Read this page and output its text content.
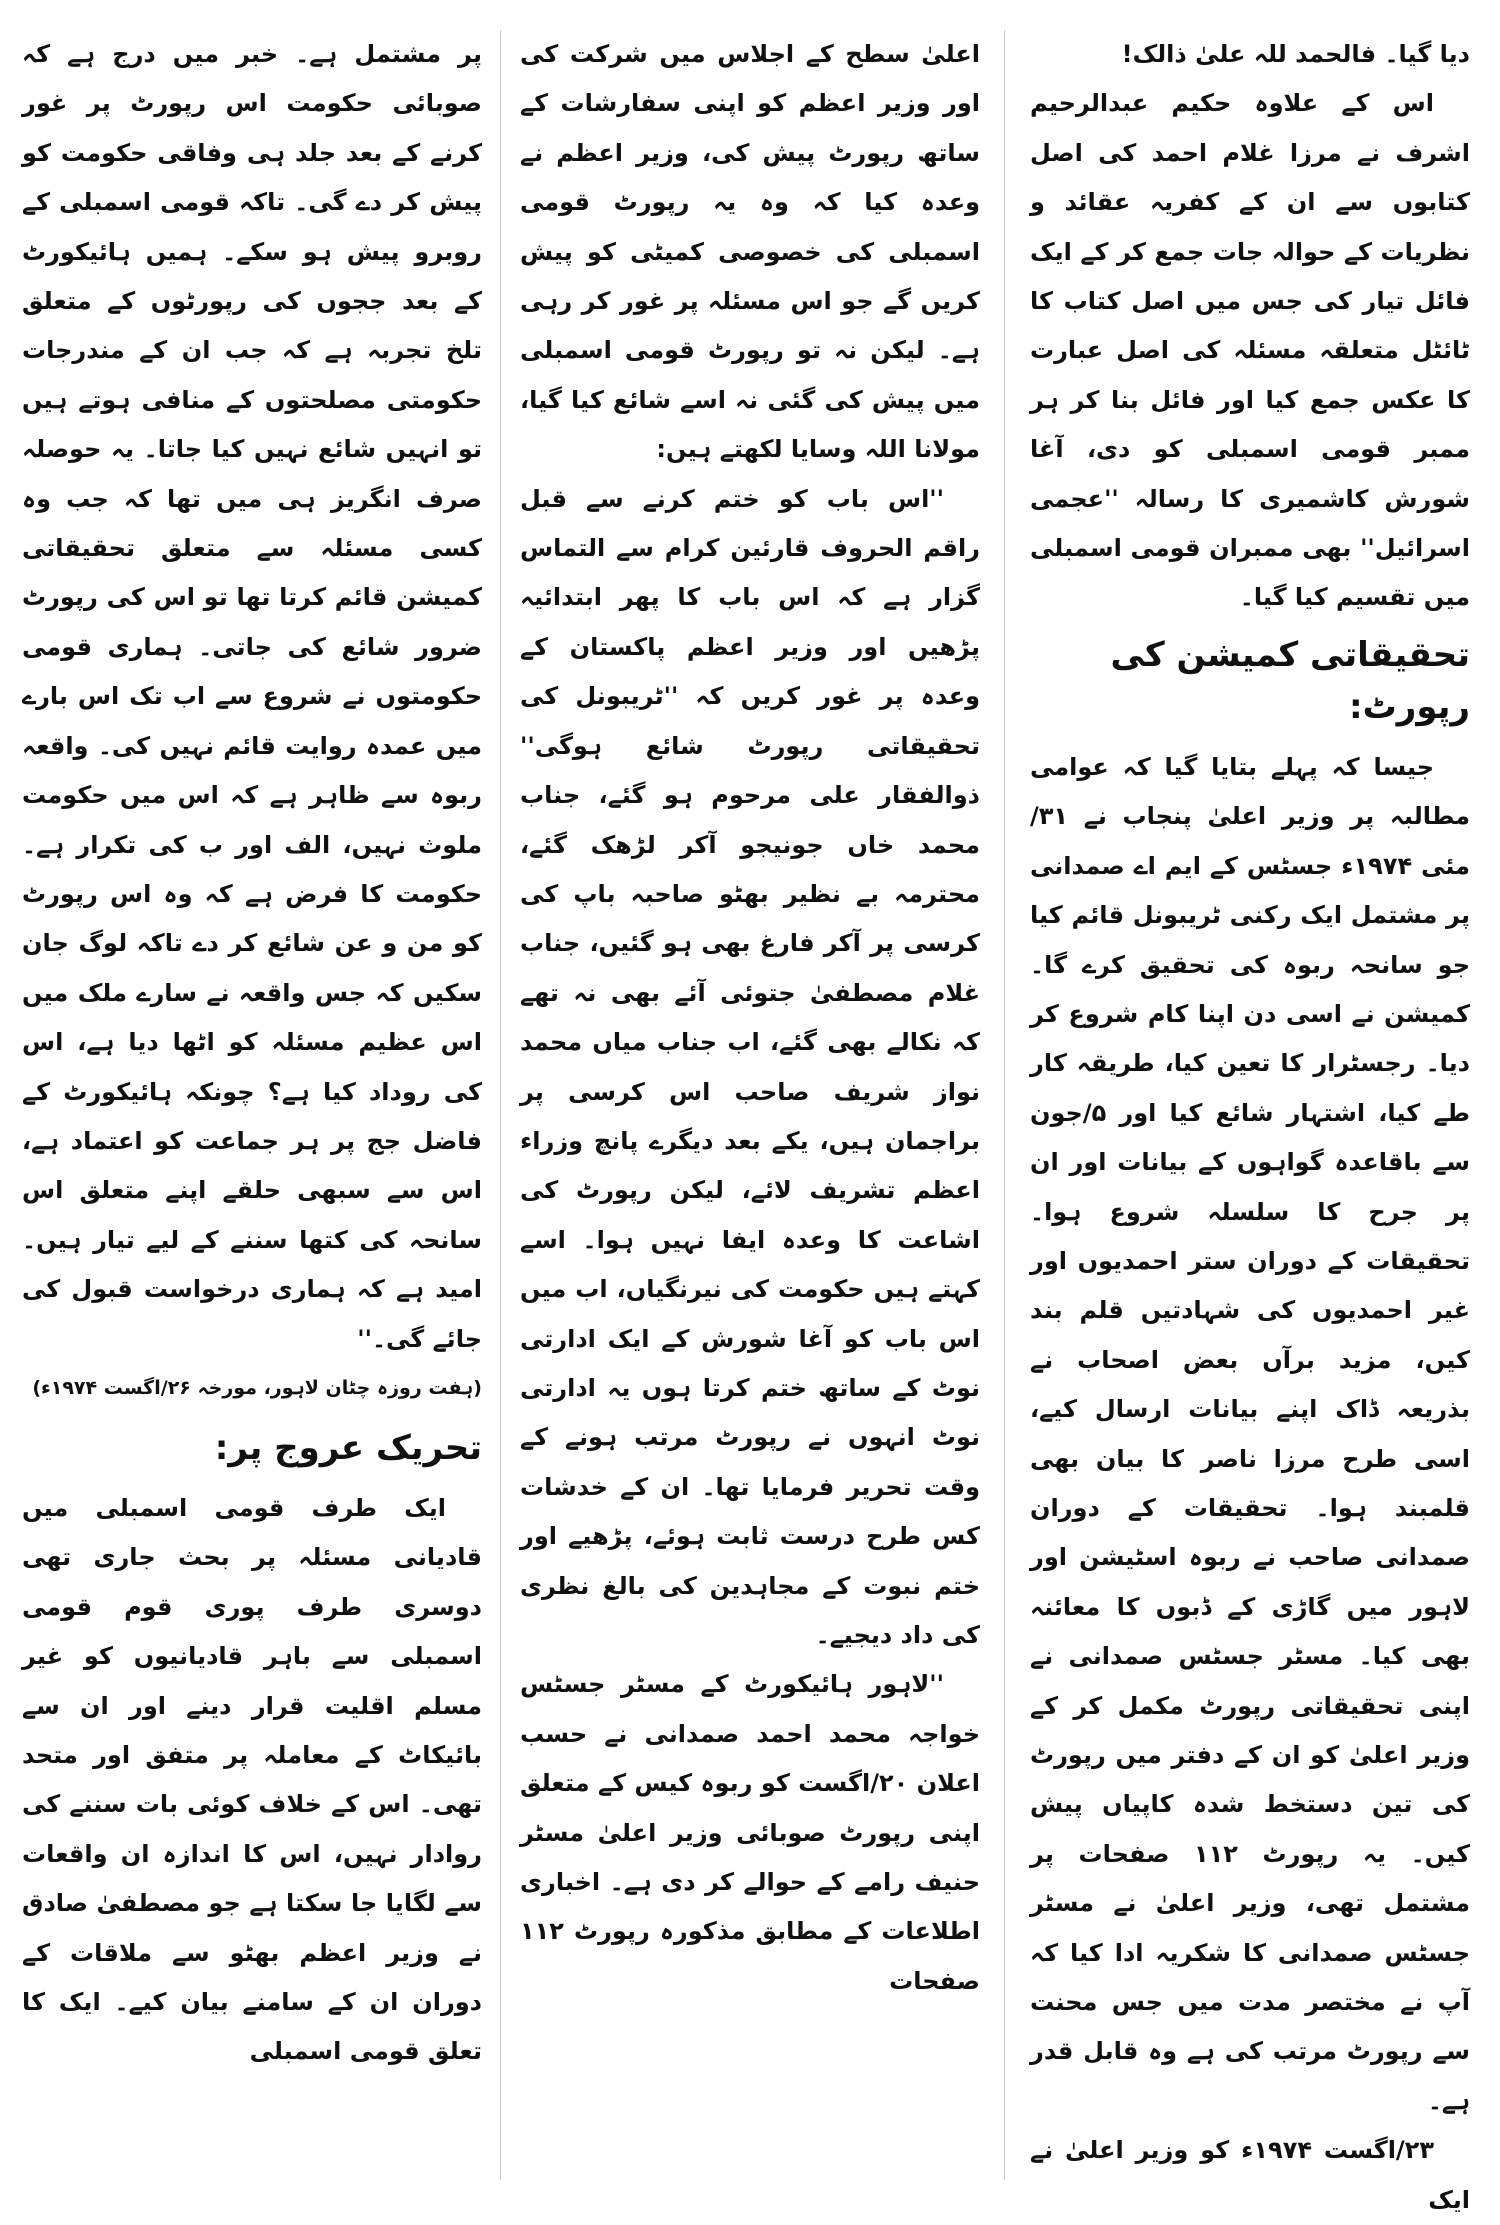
دیا گیا۔ فالحمد للہ علیٰ ذالک!

اس کے علاوہ حکیم عبدالرحیم اشرف نے مرزا غلام احمد کی اصل کتابوں سے ان کے کفریہ عقائد و نظریات کے حوالہ جات جمع کر کے ایک فائل تیار کی جس میں اصل کتاب کا ٹائٹل متعلقہ مسئلہ کی اصل عبارت کا عکس جمع کیا اور فائل بنا کر ہر ممبر قومی اسمبلی کو دی، آغا شورش کاشمیری کا رسالہ ''عجمی اسرائیل'' بھی ممبران قومی اسمبلی میں تقسیم کیا گیا۔

تحقیقاتی کمیشن کی رپورٹ:

جیسا کہ پہلے بتایا گیا کہ عوامی مطالبہ پر وزیر اعلیٰ پنجاب نے ۳۱/مئی ۱۹۷۴ء جسٹس کے ایم اے صمدانی پر مشتمل ایک رکنی ٹریبونل قائم کیا جو سانحہ ربوہ کی تحقیق کرے گا۔ کمیشن نے اسی دن اپنا کام شروع کر دیا۔ رجسٹرار کا تعین کیا، طریقہ کار طے کیا، اشتہار شائع کیا اور ۵/جون سے باقاعدہ گواہوں کے بیانات اور ان پر جرح کا سلسلہ شروع ہوا۔ تحقیقات کے دوران ستر احمدیوں اور غیر احمدیوں کی شہادتیں قلم بند کیں، مزید برآں بعض اصحاب نے بذریعہ ڈاک اپنے بیانات ارسال کیے، اسی طرح مرزا ناصر کا بیان بھی قلمبند ہوا۔ تحقیقات کے دوران صمدانی صاحب نے ربوہ اسٹیشن اور لاہور میں گاڑی کے ڈبوں کا معائنہ بھی کیا۔ مسٹر جسٹس صمدانی نے اپنی تحقیقاتی رپورٹ مکمل کر کے وزیر اعلیٰ کو ان کے دفتر میں رپورٹ کی تین دستخط شدہ کاپیاں پیش کیں۔ یہ رپورٹ ۱۱۲ صفحات پر مشتمل تھی، وزیر اعلیٰ نے مسٹر جسٹس صمدانی کا شکریہ ادا کیا کہ آپ نے مختصر مدت میں جس محنت سے رپورٹ مرتب کی ہے وہ قابل قدر ہے۔

۲۳/اگست ۱۹۷۴ء کو وزیر اعلیٰ نے ایک

اعلیٰ سطح کے اجلاس میں شرکت کی اور وزیر اعظم کو اپنی سفارشات کے ساتھ رپورٹ پیش کی، وزیر اعظم نے وعدہ کیا کہ وہ یہ رپورٹ قومی اسمبلی کی خصوصی کمیٹی کو پیش کریں گے جو اس مسئلہ پر غور کر رہی ہے۔ لیکن نہ تو رپورٹ قومی اسمبلی میں پیش کی گئی نہ اسے شائع کیا گیا، مولانا اللہ وسایا لکھتے ہیں:

''اس باب کو ختم کرنے سے قبل راقم الحروف قارئین کرام سے التماس گزار ہے کہ اس باب کا پھر ابتدائیہ پڑھیں اور وزیر اعظم پاکستان کے وعدہ پر غور کریں کہ ''ٹریبونل کی تحقیقاتی رپورٹ شائع ہوگی'' ذوالفقار علی مرحوم ہو گئے، جناب محمد خاں جونیجو آکر لڑھک گئے، محترمہ بے نظیر بھٹو صاحبہ باپ کی کرسی پر آکر فارغ بھی ہو گئیں، جناب غلام مصطفیٰ جتوئی آئے بھی نہ تھے کہ نکالے بھی گئے، اب جناب میاں محمد نواز شریف صاحب اس کرسی پر براجمان ہیں، یکے بعد دیگرے پانچ وزراء اعظم تشریف لائے، لیکن رپورٹ کی اشاعت کا وعدہ ایفا نہیں ہوا۔ اسے کہتے ہیں حکومت کی نیرنگیاں، اب میں اس باب کو آغا شورش کے ایک ادارتی نوٹ کے ساتھ ختم کرتا ہوں یہ ادارتی نوٹ انہوں نے رپورٹ مرتب ہونے کے وقت تحریر فرمایا تھا۔ ان کے خدشات کس طرح درست ثابت ہوئے، پڑھیے اور ختم نبوت کے مجاہدین کی بالغ نظری کی داد دیجیے۔

''لاہور ہائیکورٹ کے مسٹر جسٹس خواجہ محمد احمد صمدانی نے حسب اعلان ۲۰/اگست کو ربوہ کیس کے متعلق اپنی رپورٹ صوبائی وزیر اعلیٰ مسٹر حنیف رامے کے حوالے کر دی ہے۔ اخباری اطلاعات کے مطابق مذکورہ رپورٹ ۱۱۲ صفحات

پر مشتمل ہے۔ خبر میں درج ہے کہ صوبائی حکومت اس رپورٹ پر غور کرنے کے بعد جلد ہی وفاقی حکومت کو پیش کر دے گی۔ تاکہ قومی اسمبلی کے روبرو پیش ہو سکے۔ ہمیں ہائیکورٹ کے بعد ججوں کی رپورٹوں کے متعلق تلخ تجربہ ہے کہ جب ان کے مندرجات حکومتی مصلحتوں کے منافی ہوتے ہیں تو انہیں شائع نہیں کیا جاتا۔ یہ حوصلہ صرف انگریز ہی میں تھا کہ جب وہ کسی مسئلہ سے متعلق تحقیقاتی کمیشن قائم کرتا تھا تو اس کی رپورٹ ضرور شائع کی جاتی۔ ہماری قومی حکومتوں نے شروع سے اب تک اس بارے میں عمدہ روایت قائم نہیں کی۔ واقعہ ربوہ سے ظاہر ہے کہ اس میں حکومت ملوث نہیں، الف اور ب کی تکرار ہے۔ حکومت کا فرض ہے کہ وہ اس رپورٹ کو من و عن شائع کر دے تاکہ لوگ جان سکیں کہ جس واقعہ نے سارے ملک میں اس عظیم مسئلہ کو اٹھا دیا ہے، اس کی روداد کیا ہے؟ چونکہ ہائیکورٹ کے فاضل جج پر ہر جماعت کو اعتماد ہے، اس سے سبھی حلقے اپنے متعلق اس سانحہ کی کتھا سننے کے لیے تیار ہیں۔ امید ہے کہ ہماری درخواست قبول کی جائے گی۔''

(ہفت روزہ چٹان لاہور، مورخہ ۲۶/اگست ۱۹۷۴ء)
تحریک عروج پر:

ایک طرف قومی اسمبلی میں قادیانی مسئلہ پر بحث جاری تھی دوسری طرف پوری قوم قومی اسمبلی سے باہر قادیانیوں کو غیر مسلم اقلیت قرار دینے اور ان سے بائیکاٹ کے معاملہ پر متفق اور متحد تھی۔ اس کے خلاف کوئی بات سننے کی روادار نہیں، اس کا اندازہ ان واقعات سے لگایا جا سکتا ہے جو مصطفیٰ صادق نے وزیر اعظم بھٹو سے ملاقات کے دوران ان کے سامنے بیان کیے۔ ایک کا تعلق قومی اسمبلی
